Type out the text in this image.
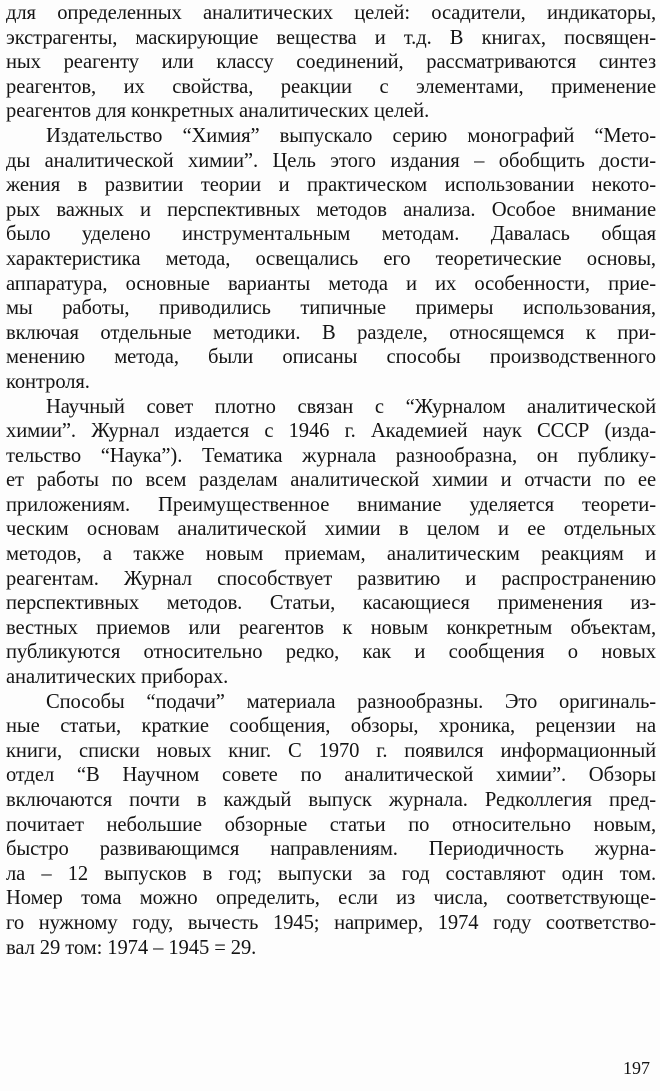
для определенных аналитических целей: осадители, индикаторы,
экстрагенты, маскирующие вещества и т.д. В книгах, посвящен-
ных реагенту или классу соединений, рассматриваются синтез
реагентов, их свойства, реакции с элементами, применение
реагентов для конкретных аналитических целей.
Издательство “Химия” выпускало серию монографий “Мето-
ды аналитической химии”. Цель этого издания – обобщить дости-
жения в развитии теории и практическом использовании некото-
рых важных и перспективных методов анализа. Особое внимание
было уделено инструментальным методам. Давалась общая
характеристика метода, освещались его теоретические основы,
аппаратура, основные варианты метода и их особенности, прие-
мы работы, приводились типичные примеры использования,
включая отдельные методики. В разделе, относящемся к при-
менению метода, были описаны способы производственного
контроля.
Научный совет плотно связан с “Журналом аналитической
химии”. Журнал издается с 1946 г. Академией наук СССР (изда-
тельство “Наука”). Тематика журнала разнообразна, он публику-
ет работы по всем разделам аналитической химии и отчасти по ее
приложениям. Преимущественное внимание уделяется теорети-
ческим основам аналитической химии в целом и ее отдельных
методов, а также новым приемам, аналитическим реакциям и
реагентам. Журнал способствует развитию и распространению
перспективных методов. Статьи, касающиеся применения из-
вестных приемов или реагентов к новым конкретным объектам,
публикуются относительно редко, как и сообщения о новых
аналитических приборах.
Способы “подачи” материала разнообразны. Это оригиналь-
ные статьи, краткие сообщения, обзоры, хроника, рецензии на
книги, списки новых книг. С 1970 г. появился информационный
отдел “В Научном совете по аналитической химии”. Обзоры
включаются почти в каждый выпуск журнала. Редколлегия пред-
почитает небольшие обзорные статьи по относительно новым,
быстро развивающимся направлениям. Периодичность журна-
ла – 12 выпусков в год; выпуски за год составляют один том.
Номер тома можно определить, если из числа, соответствующе-
го нужному году, вычесть 1945; например, 1974 году соответство-
вал 29 том: 1974 – 1945 = 29.
197
